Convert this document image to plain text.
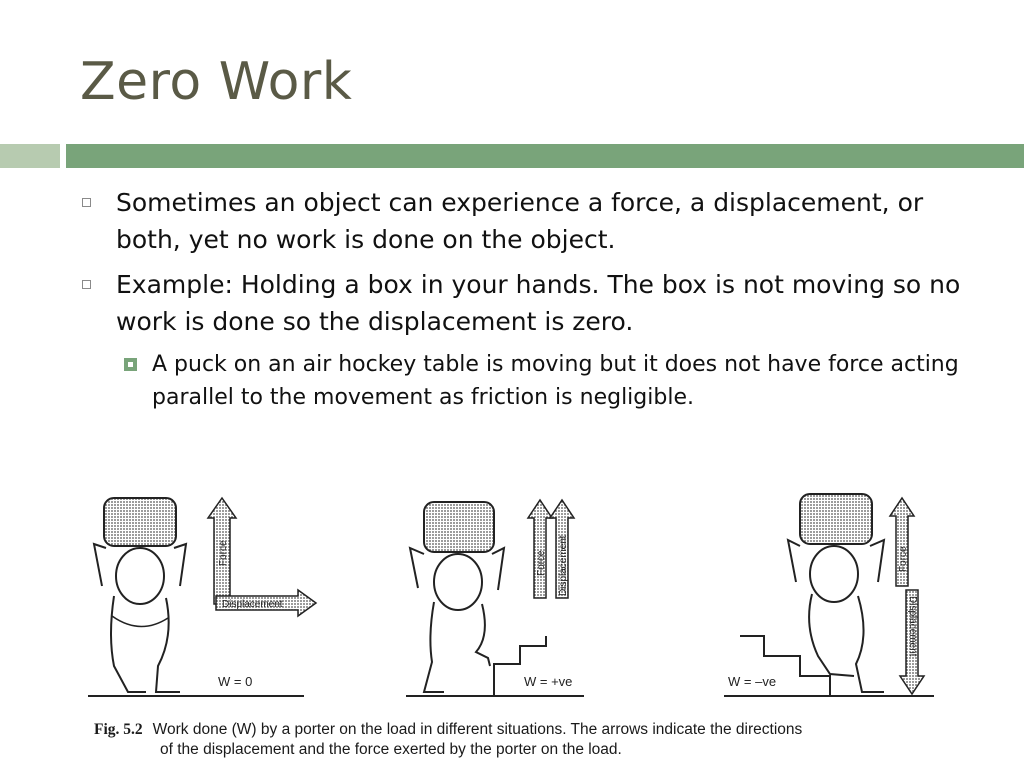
Zero Work
Sometimes an object can experience a force, a displacement, or both, yet no work is done on the object.
Example: Holding a box in your hands. The box is not moving so no work is done so the displacement is zero.
A puck on an air hockey table is moving but it does not have force acting parallel to the movement as friction is negligible.
Force
Displacement
W = 0
Force Displacement
W = +ve
Force
Displacement
W = –ve
Fig. 5.2 Work done (W) by a porter on the load in different situations. The arrows indicate the directions
of the displacement and the force exerted by the porter on the load.
